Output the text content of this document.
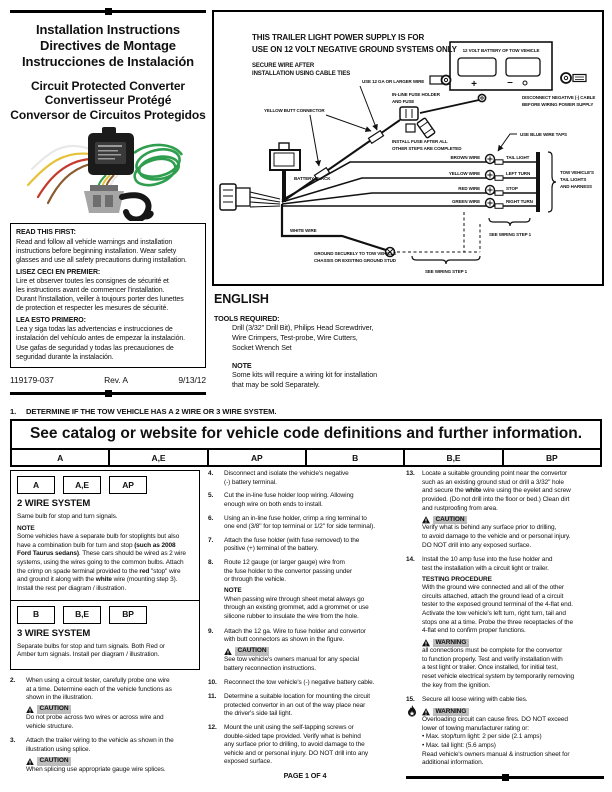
Installation Instructions
Directives de Montage
Instrucciones de Instalación
Circuit Protected Converter
Convertisseur Protégé
Conversor de Circuitos Protegidos
READ THIS FIRST:
Read and follow all vehicle warnings and installation
instructions before beginning installation. Wear safety
glasses and use all safety precautions during installation.
LISEZ CECI EN PREMIER:
Lire et observer toutes les consignes de sécurité et
les instructions avant de commencer l'installation.
Durant l'installation, veiller à toujours porter des lunettes
de protection et respecter les mesures de sécurité.
LEA ESTO PRIMERO:
Lea y siga todas las advertencias e instrucciones de
instalación del vehículo antes de empezar la instalación.
Use gafas de seguridad y todas las precauciones de
seguridad durante la instalación.
119179-037	Rev. A	9/13/12
THIS TRAILER LIGHT POWER SUPPLY IS FOR
USE ON 12 VOLT NEGATIVE GROUND SYSTEMS ONLY
SECURE WIRE AFTER
INSTALLATION USING CABLE TIES
12 VOLT BATTERY OF TOW VEHICLE
+	–
DISCONNECT NEGATIVE (-) CABLE
BEFORE WIRING POWER SUPPLY
IN-LINE FUSE HOLDER
AND FUSE
INSTALL FUSE AFTER ALL
OTHER STEPS ARE COMPLETED
USE 12 GA OR LARGER WIRE
YELLOW BUTT CONNECTOR
BATTERY BLACK
BROWN WIRE
YELLOW WIRE
RED WIRE
GREEN WIRE
TAIL LIGHT
LEFT TURN
STOP
RIGHT TURN
USE BLUE WIRE TAPS
TOW VEHICLE'S
TAIL LIGHTS
AND HARNESS
SEE WIRING STEP 1
WHITE WIRE
GROUND SECURELY TO TOW VEHICLE
CHASSIS OR EXISTING GROUND STUD
SEE WIRING STEP 1
ENGLISH
TOOLS REQUIRED:
Drill (3/32" Drill Bit), Philips Head Screwdriver,
Wire Crimpers, Test-probe, Wire Cutters,
Socket Wrench Set
NOTE
Some kits will require a wiring kit for installation
that may be sold Separately.
1.	DETERMINE IF THE TOW VEHICLE HAS A 2 WIRE OR 3 WIRE SYSTEM.
See catalog or website for vehicle code definitions and further information.
A	A,E	AP	B	B,E	BP
A	A,E	AP
2 WIRE SYSTEM
Same bulb for stop and turn signals.
NOTE
Some vehicles have a separate bulb for stoplights but also
have a combination bulb for turn and stop (such as 2008
Ford Taurus sedans). These cars should be wired as 2 wire
systems, using the wires going to the common bulbs. Attach
the crimp on spade terminal provided to the red "stop" wire
and ground it along with the white wire (mounting step 3).
Install the rest per diagram / illustration.
B	B,E	BP
3 WIRE SYSTEM
Separate bulbs for stop and turn signals. Both Red or
Amber turn signals. Install per diagram / illustration.
2.	When using a circuit tester, carefully probe one wire
at a time. Determine each of the vehicle functions as
shown in the illustration.
CAUTION
Do not probe across two wires or across wire and
vehicle structure.
3.	Attach the trailer wiring to the vehicle as shown in the
illustration using splice.
CAUTION
When splicing use appropriate gauge wire splices.
4.	Disconnect and isolate the vehicle's negative
(-) battery terminal.
5.	Cut the in-line fuse holder loop wiring. Allowing
enough wire on both ends to install.
6.	Using an in-line fuse holder, crimp a ring terminal to
one end (3/8" for top terminal or 1/2" for side terminal).
7.	Attach the fuse holder (with fuse removed) to the
positive (+) terminal of the battery.
8.	Route 12 gauge (or larger gauge) wire from
the fuse holder to the convertor passing under
or through the vehicle.
NOTE
When passing wire through sheet metal always go
through an existing grommet, add a grommet or use
silicone rubber to insulate the wire from the hole.
9.	Attach the 12 ga. Wire to fuse holder and convertor
with butt connectors as shown in the figure.
CAUTION
See tow vehicle's owners manual for any special
battery reconnection instructions.
10.	Reconnect the tow vehicle's (-) negative battery cable.
11.	Determine a suitable location for mounting the circuit
protected convertor in an out of the way place near
the driver's side tail light.
12.	Mount the unit using the self-tapping screws or
double-sided tape provided. Verify what is behind
any surface prior to drilling, to avoid damage to the
vehicle and or personal injury. DO NOT drill into any
exposed surface.
13.	Locate a suitable grounding point near the convertor
such as an existing ground stud or drill a 3/32" hole
and secure the white wire using the eyelet and screw
provided. (Do not drill into the floor or bed.) Clean dirt
and rustproofing from area.
CAUTION
Verify what is behind any surface prior to drilling,
to avoid damage to the vehicle and or personal injury.
DO NOT drill into any exposed surface.
14.	Install the 10 amp fuse into the fuse holder and
test the installation with a circuit light or trailer.
TESTING PROCEDURE
With the ground wire connected and all of the other
circuits attached, attach the ground lead of a circuit
tester to the exposed ground terminal of the 4-flat end.
Activate the tow vehicle's left turn, right turn, tail and
stops one at a time. Probe the three receptacles of the
4-flat end to confirm proper functions.
WARNING
all connections must be complete for the convertor
to function properly. Test and verify installation with
a test light or trailer. Once installed, for initial test,
reset vehicle electrical system by temporarily removing
the key from the ignition.
15.	Secure all loose wiring with cable ties.
WARNING
Overloading circuit can cause fires. DO NOT exceed
lower of towing manufacturer rating or:
• Max. stop/turn light: 2 per side (2.1 amps)
• Max. tail light: (5.6 amps)
Read vehicle's owners manual & instruction sheet for
additional information.
PAGE 1 OF 4
